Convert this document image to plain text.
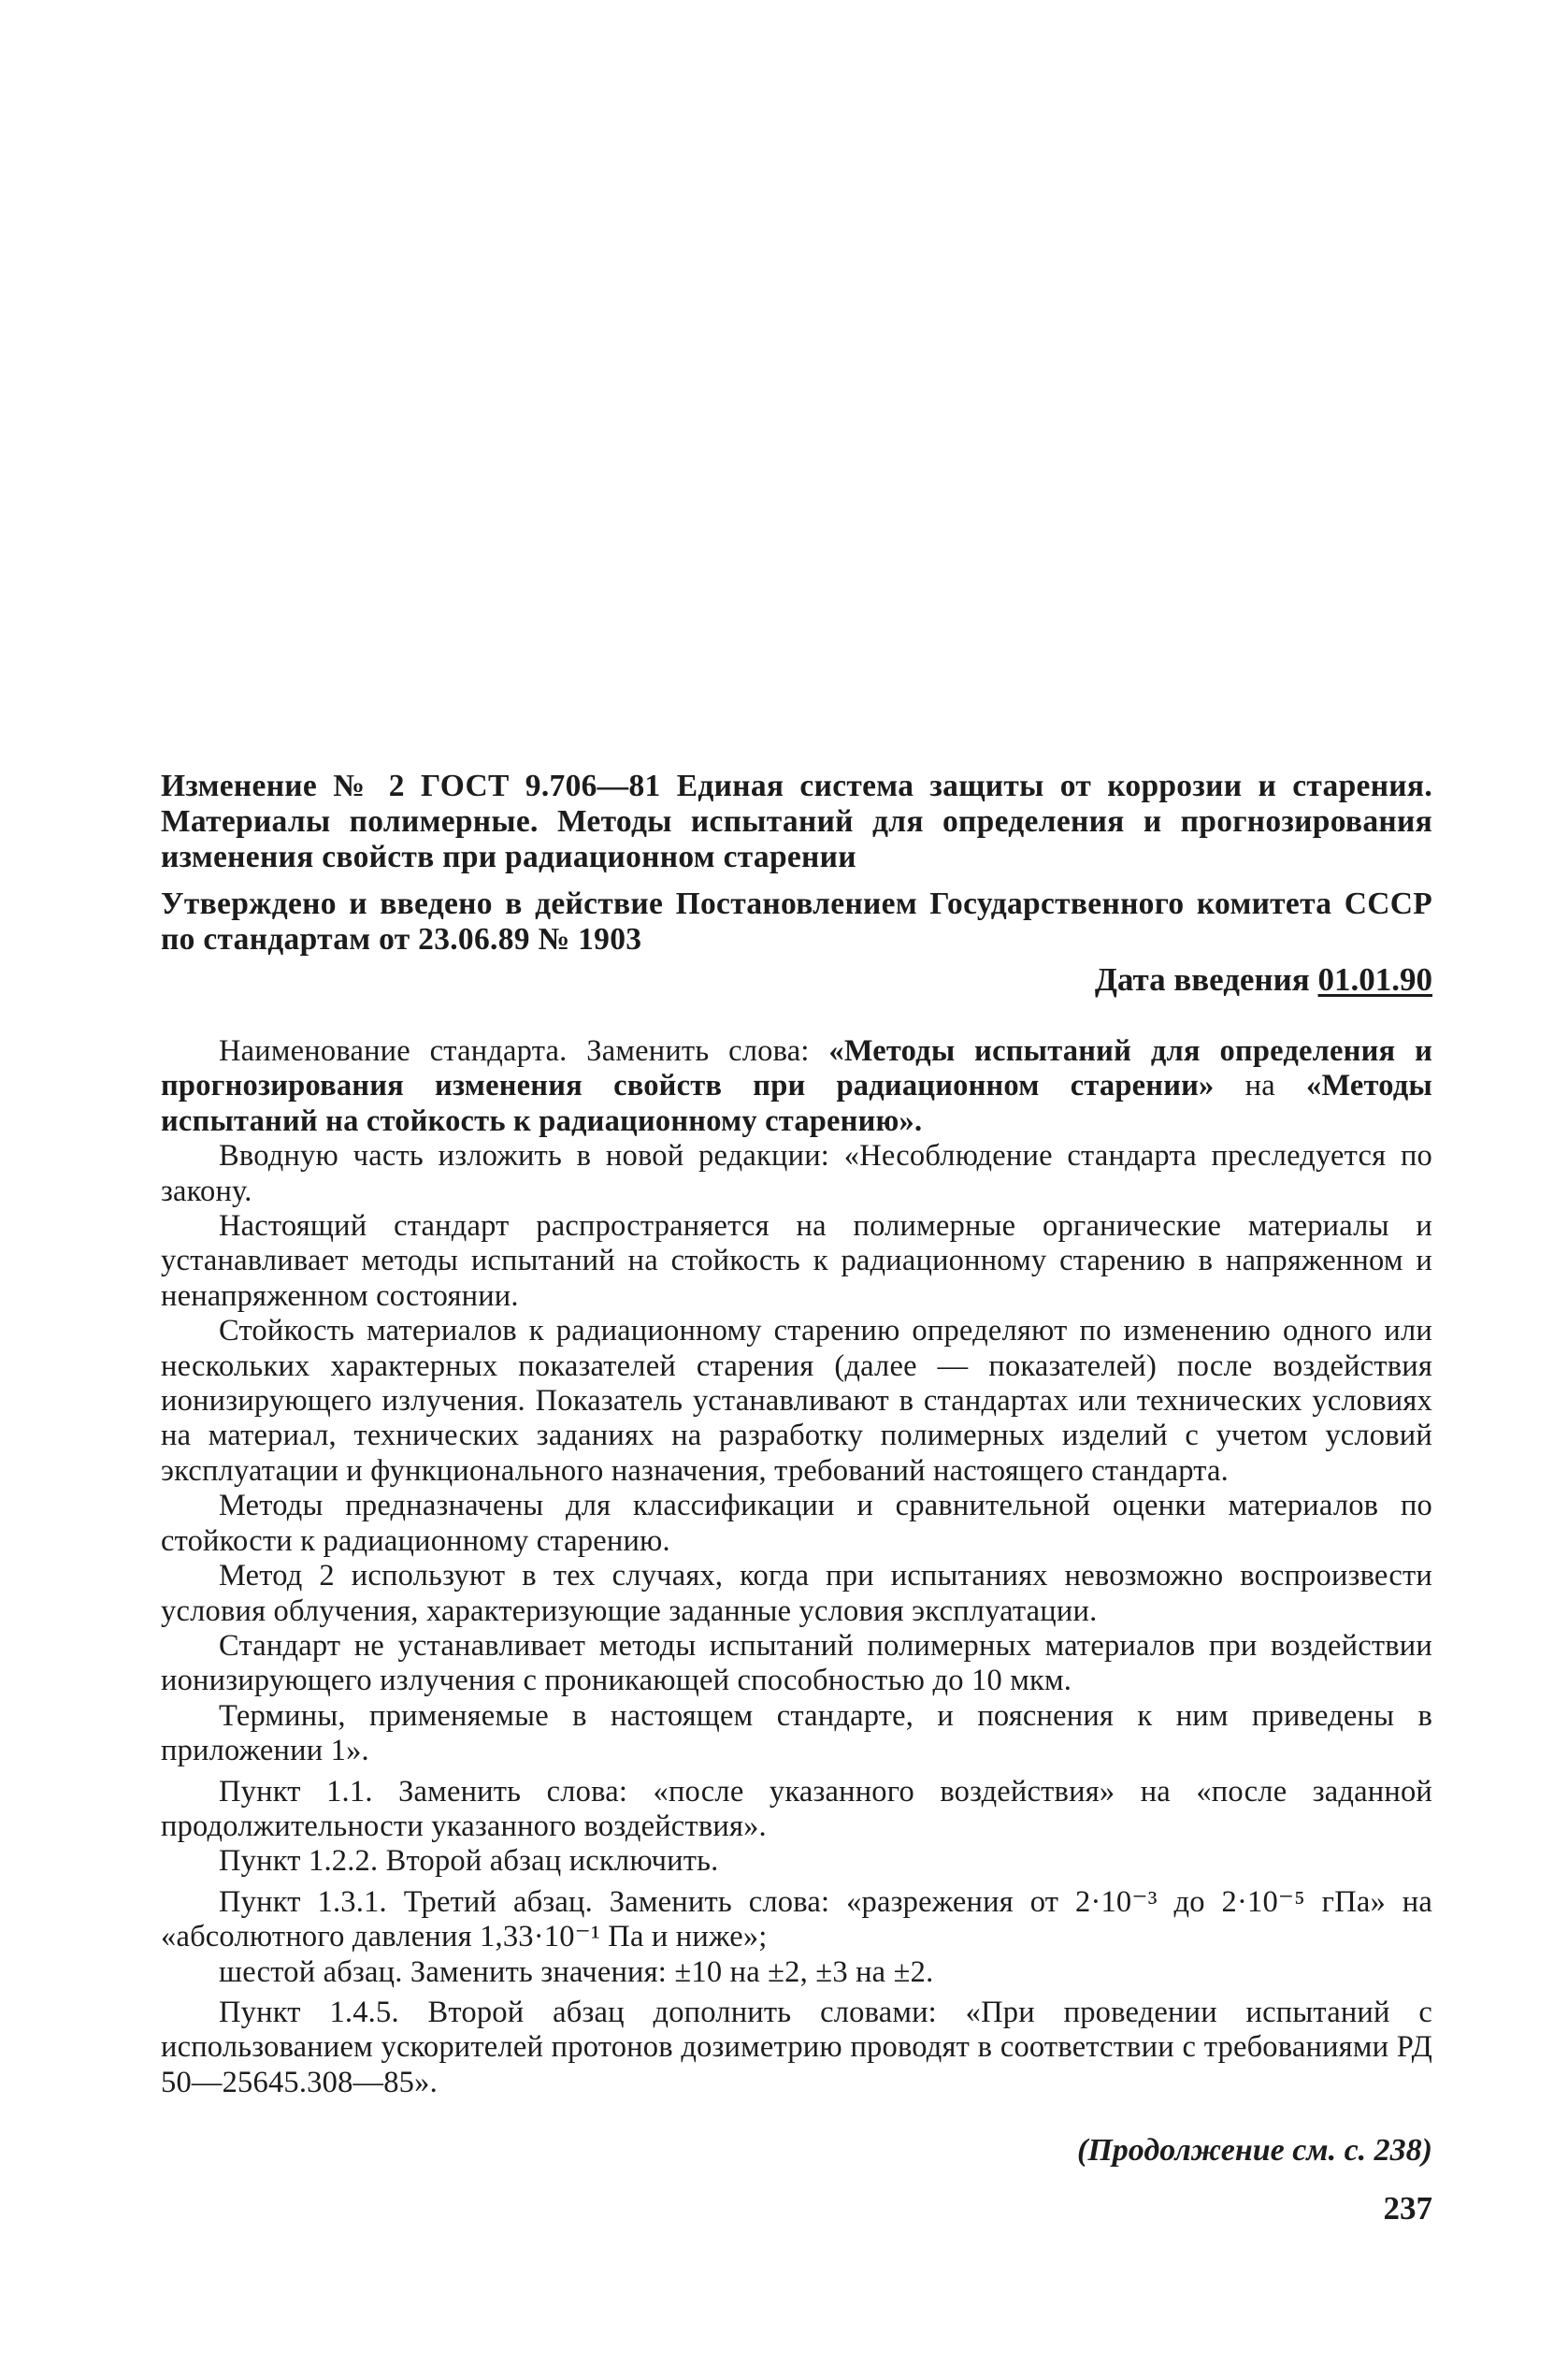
Изменение № 2 ГОСТ 9.706—81 Единая система защиты от коррозии и старения. Материалы полимерные. Методы испытаний для определения и прогнозирования изменения свойств при радиационном старении

Утверждено и введено в действие Постановлением Государственного комитета СССР по стандартам от 23.06.89 № 1903

Дата введения 01.01.90

Наименование стандарта. Заменить слова: «Методы испытаний для определения и прогнозирования изменения свойств при радиационном старении» на «Методы испытаний на стойкость к радиационному старению».

Вводную часть изложить в новой редакции: «Несоблюдение стандарта преследуется по закону.

Настоящий стандарт распространяется на полимерные органические материалы и устанавливает методы испытаний на стойкость к радиационному старению в напряженном и ненапряженном состоянии.

Стойкость материалов к радиационному старению определяют по изменению одного или нескольких характерных показателей старения (далее — показателей) после воздействия ионизирующего излучения. Показатель устанавливают в стандартах или технических условиях на материал, технических заданиях на разработку полимерных изделий с учетом условий эксплуатации и функционального назначения, требований настоящего стандарта.

Методы предназначены для классификации и сравнительной оценки материалов по стойкости к радиационному старению.

Метод 2 используют в тех случаях, когда при испытаниях невозможно воспроизвести условия облучения, характеризующие заданные условия эксплуатации.

Стандарт не устанавливает методы испытаний полимерных материалов при воздействии ионизирующего излучения с проникающей способностью до 10 мкм.

Термины, применяемые в настоящем стандарте, и пояснения к ним приведены в приложении 1».

Пункт 1.1. Заменить слова: «после указанного воздействия» на «после заданной продолжительности указанного воздействия».

Пункт 1.2.2. Второй абзац исключить.

Пункт 1.3.1. Третий абзац. Заменить слова: «разрежения от 2·10⁻³ до 2·10⁻⁵ гПа» на «абсолютного давления 1,33·10⁻¹ Па и ниже»;

шестой абзац. Заменить значения: ±10 на ±2, ±3 на ±2.

Пункт 1.4.5. Второй абзац дополнить словами: «При проведении испытаний с использованием ускорителей протонов дозиметрию проводят в соответствии с требованиями РД 50—25645.308—85».

(Продолжение см. с. 238)
237
